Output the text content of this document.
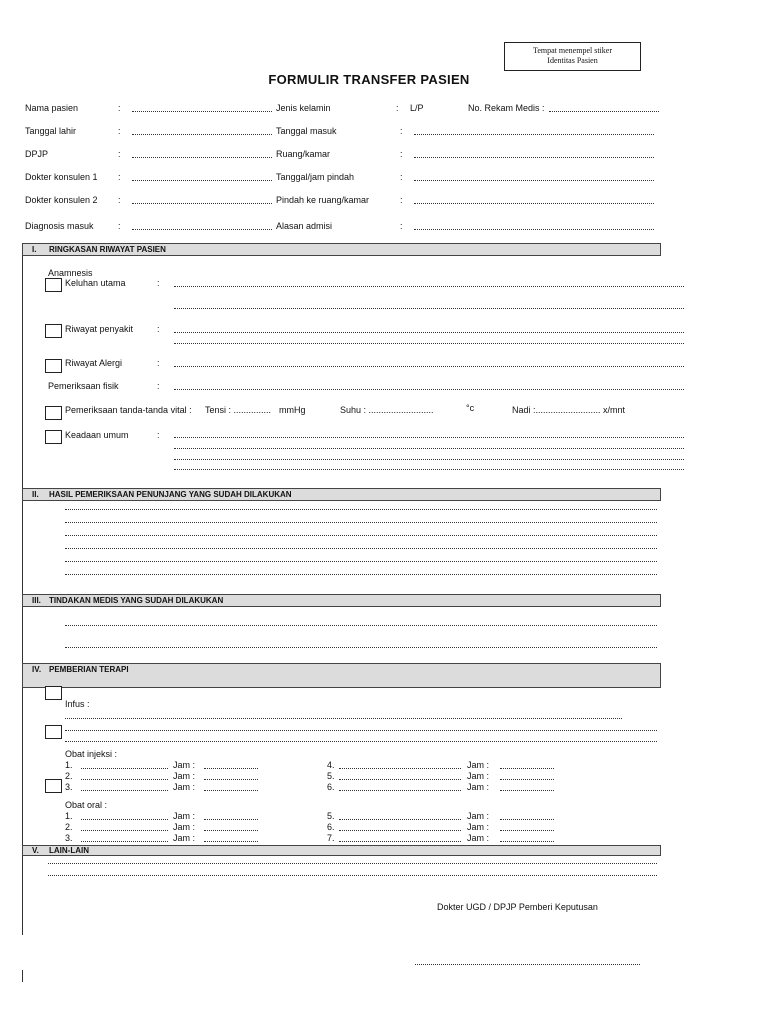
Tempat menempel stiker
Identitas Pasien
FORMULIR TRANSFER PASIEN
Nama pasien	:	Jenis kelamin	: L/P	No. Rekam Medis :
Tanggal lahir	:	Tanggal masuk	:
DPJP	:	Ruang/kamar	:
Dokter konsulen 1 :	Tanggal/jam pindah	:
Dokter konsulen 2 :	Pindah ke ruang/kamar	:
Diagnosis masuk	:	Alasan admisi	:
I. RINGKASAN RIWAYAT PASIEN
Anamnesis
Keluhan utama	:
Riwayat penyakit	:
Riwayat Alergi	:
Pemeriksaan fisik	:
Pemeriksaan tanda-tanda vital : Tensi : ............... mmHg	Suhu : ..........................	°c	Nadi :.......................... x/mnt
Keadaan umum	:
II. HASIL PEMERIKSAAN PENUNJANG YANG SUDAH DILAKUKAN
III. TINDAKAN MEDIS YANG SUDAH DILAKUKAN
IV. PEMBERIAN TERAPI
Infus :
Obat injeksi :
1.	Jam :	4.	Jam :
2.	Jam :	5.	Jam :
3.	Jam :	6.	Jam :
Obat oral :
1.	Jam :	5.	Jam :
2.	Jam :	6.	Jam :
3.	Jam :	7.	Jam :
V. LAIN-LAIN
Dokter UGD / DPJP Pemberi Keputusan
